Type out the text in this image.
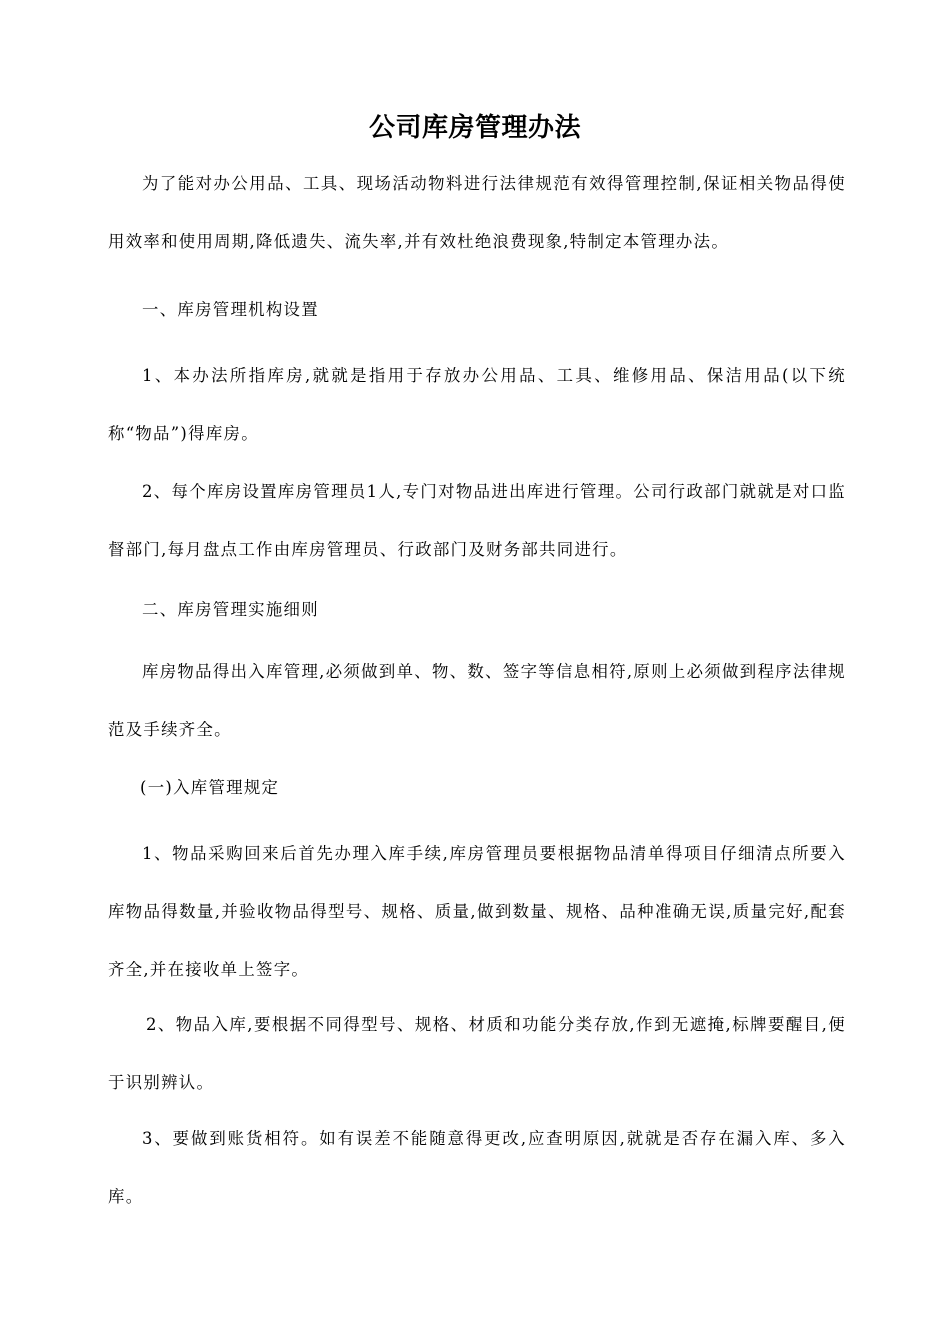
公司库房管理办法

为了能对办公用品、工具、现场活动物料进行法律规范有效得管理控制,保证相关物品得使用效率和使用周期,降低遗失、流失率,并有效杜绝浪费现象,特制定本管理办法。

一、库房管理机构设置

1、本办法所指库房,就就是指用于存放办公用品、工具、维修用品、保洁用品(以下统称“物品”)得库房。

2、每个库房设置库房管理员1人,专门对物品进出库进行管理。公司行政部门就就是对口监督部门,每月盘点工作由库房管理员、行政部门及财务部共同进行。

二、库房管理实施细则

库房物品得出入库管理,必须做到单、物、数、签字等信息相符,原则上必须做到程序法律规范及手续齐全。

(一)入库管理规定

1、物品采购回来后首先办理入库手续,库房管理员要根据物品清单得项目仔细清点所要入库物品得数量,并验收物品得型号、规格、质量,做到数量、规格、品种准确无误,质量完好,配套齐全,并在接收单上签字。

2、物品入库,要根据不同得型号、规格、材质和功能分类存放,作到无遮掩,标牌要醒目,便于识别辨认。

3、要做到账货相符。如有误差不能随意得更改,应查明原因,就就是否存在漏入库、多入库。
